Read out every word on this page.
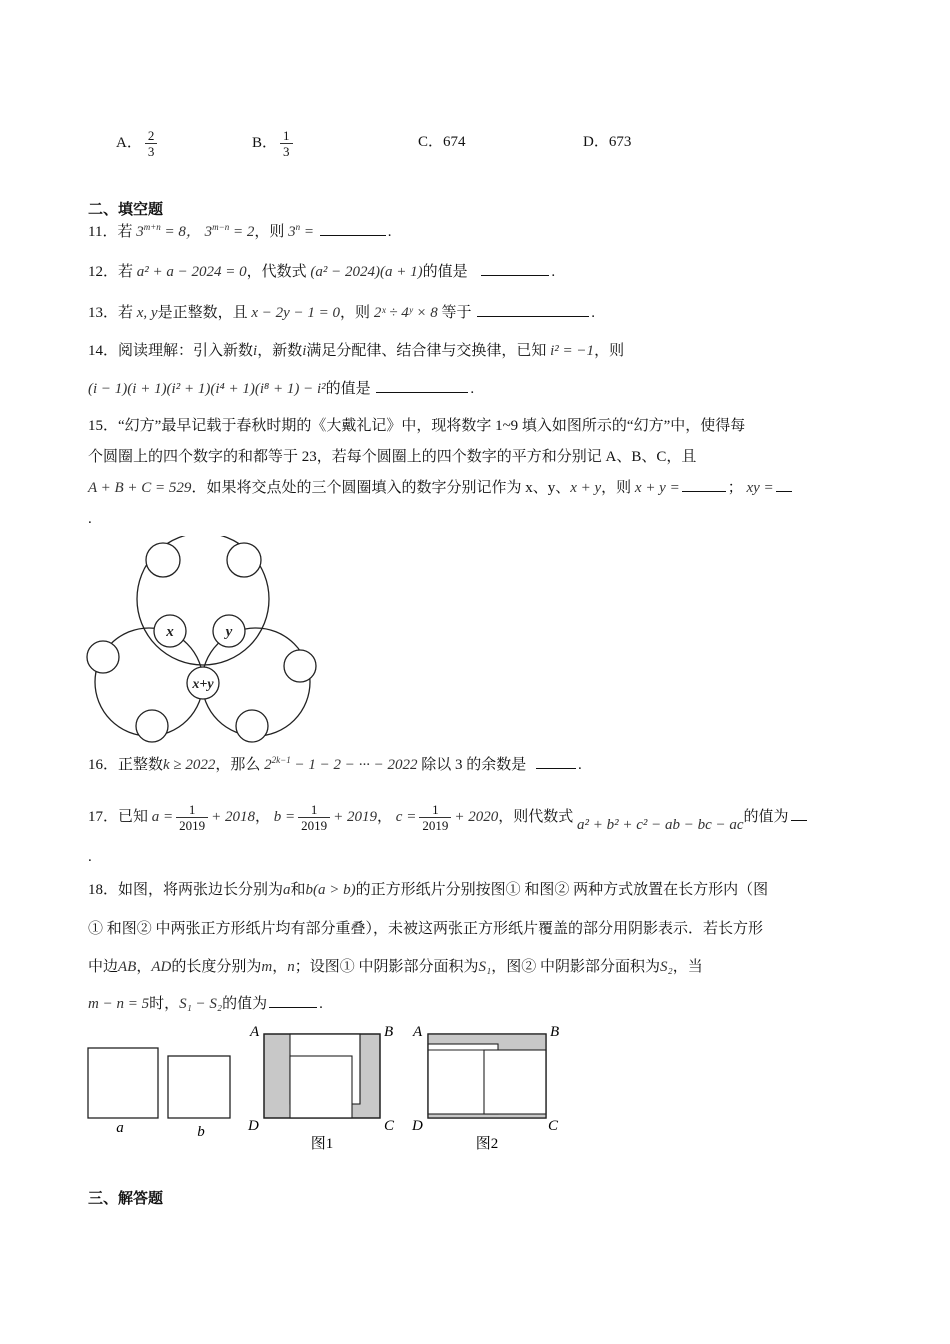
A． $\frac{2}{3}$	B． $\frac{1}{3}$	C．674	D．673
二、填空题
11．若 $3^{m+n} = 8$， $3^{m-n} = 2$，则 $3^n$ =	.
12．若 a² + a − 2024 = 0，代数式 (a² − 2024)(a + 1)的值是	.
13．若 x, y是正整数，且 x − 2y − 1 = 0，则 2ˣ ÷ 4ʸ × 8 等于	.
14．阅读理解：引入新数i，新数i满足分配律、结合律与交换律，已知 i² = −1，则
(i − 1)(i + 1)(i² + 1)(i⁴ + 1)(i⁸ + 1) − i²的值是	.
15．“幻方”最早记载于春秋时期的《大戴礼记》中，现将数字 1~9 填入如图所示的“幻方”中，使得每
个圆圈上的四个数字的和都等于 23，若每个圆圈上的四个数字的平方和分别记 A、B、C，且
A + B + C = 529．如果将交点处的三个圆圈填入的数字分别记作为 x、y、x + y，则 x + y =	； xy =
.
x	y
x+y
16．正整数k ≥ 2022，那么 $2^{2k-1} - 1 - 2$ − ··· − 2022 除以 3 的余数是	.
17．已知 $a = \frac{1}{2019} + 2018$， $b = \frac{1}{2019} + 2019$， $c = \frac{1}{2019} + 2020$，则代数式 a² + b² + c² − ab − bc − ac的值为
.
18．如图，将两张边长分别为a和b(a > b)的正方形纸片分别按图① 和图② 两种方式放置在长方形内（图
① 和图② 中两张正方形纸片均有部分重叠），未被这两张正方形纸片覆盖的部分用阴影表示．若长方形
中边AB，AD的长度分别为m，n；设图① 中阴影部分面积为S₁，图② 中阴影部分面积为S₂，当
m − n = 5时，S₁ − S₂的值为	.
a	b
A	B
D	C
图1
A	B
D	C
图2
三、解答题
